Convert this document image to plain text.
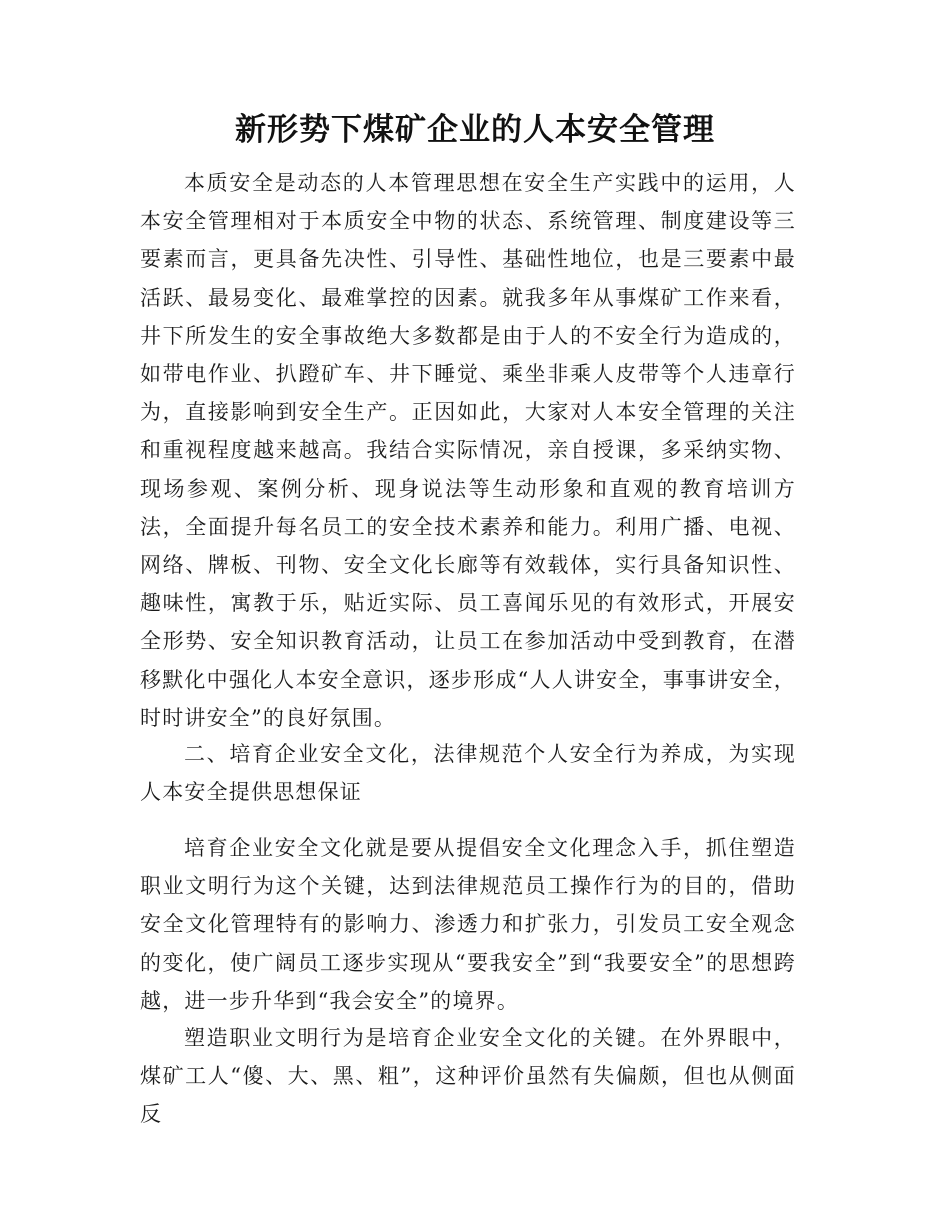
新形势下煤矿企业的人本安全管理

本质安全是动态的人本管理思想在安全生产实践中的运用，人本安全管理相对于本质安全中物的状态、系统管理、制度建设等三要素而言，更具备先决性、引导性、基础性地位，也是三要素中最活跃、最易变化、最难掌控的因素。就我多年从事煤矿工作来看，井下所发生的安全事故绝大多数都是由于人的不安全行为造成的，如带电作业、扒蹬矿车、井下睡觉、乘坐非乘人皮带等个人违章行为，直接影响到安全生产。正因如此，大家对人本安全管理的关注和重视程度越来越高。我结合实际情况，亲自授课，多采纳实物、现场参观、案例分析、现身说法等生动形象和直观的教育培训方法，全面提升每名员工的安全技术素养和能力。利用广播、电视、网络、牌板、刊物、安全文化长廊等有效载体，实行具备知识性、趣味性，寓教于乐，贴近实际、员工喜闻乐见的有效形式，开展安全形势、安全知识教育活动，让员工在参加活动中受到教育，在潜移默化中强化人本安全意识，逐步形成“人人讲安全，事事讲安全，时时讲安全”的良好氛围。

二、培育企业安全文化，法律规范个人安全行为养成，为实现人本安全提供思想保证

培育企业安全文化就是要从提倡安全文化理念入手，抓住塑造职业文明行为这个关键，达到法律规范员工操作行为的目的，借助安全文化管理特有的影响力、渗透力和扩张力，引发员工安全观念的变化，使广阔员工逐步实现从“要我安全”到“我要安全”的思想跨越，进一步升华到“我会安全”的境界。

塑造职业文明行为是培育企业安全文化的关键。在外界眼中，煤矿工人“傻、大、黑、粗”，这种评价虽然有失偏颇，但也从侧面反
